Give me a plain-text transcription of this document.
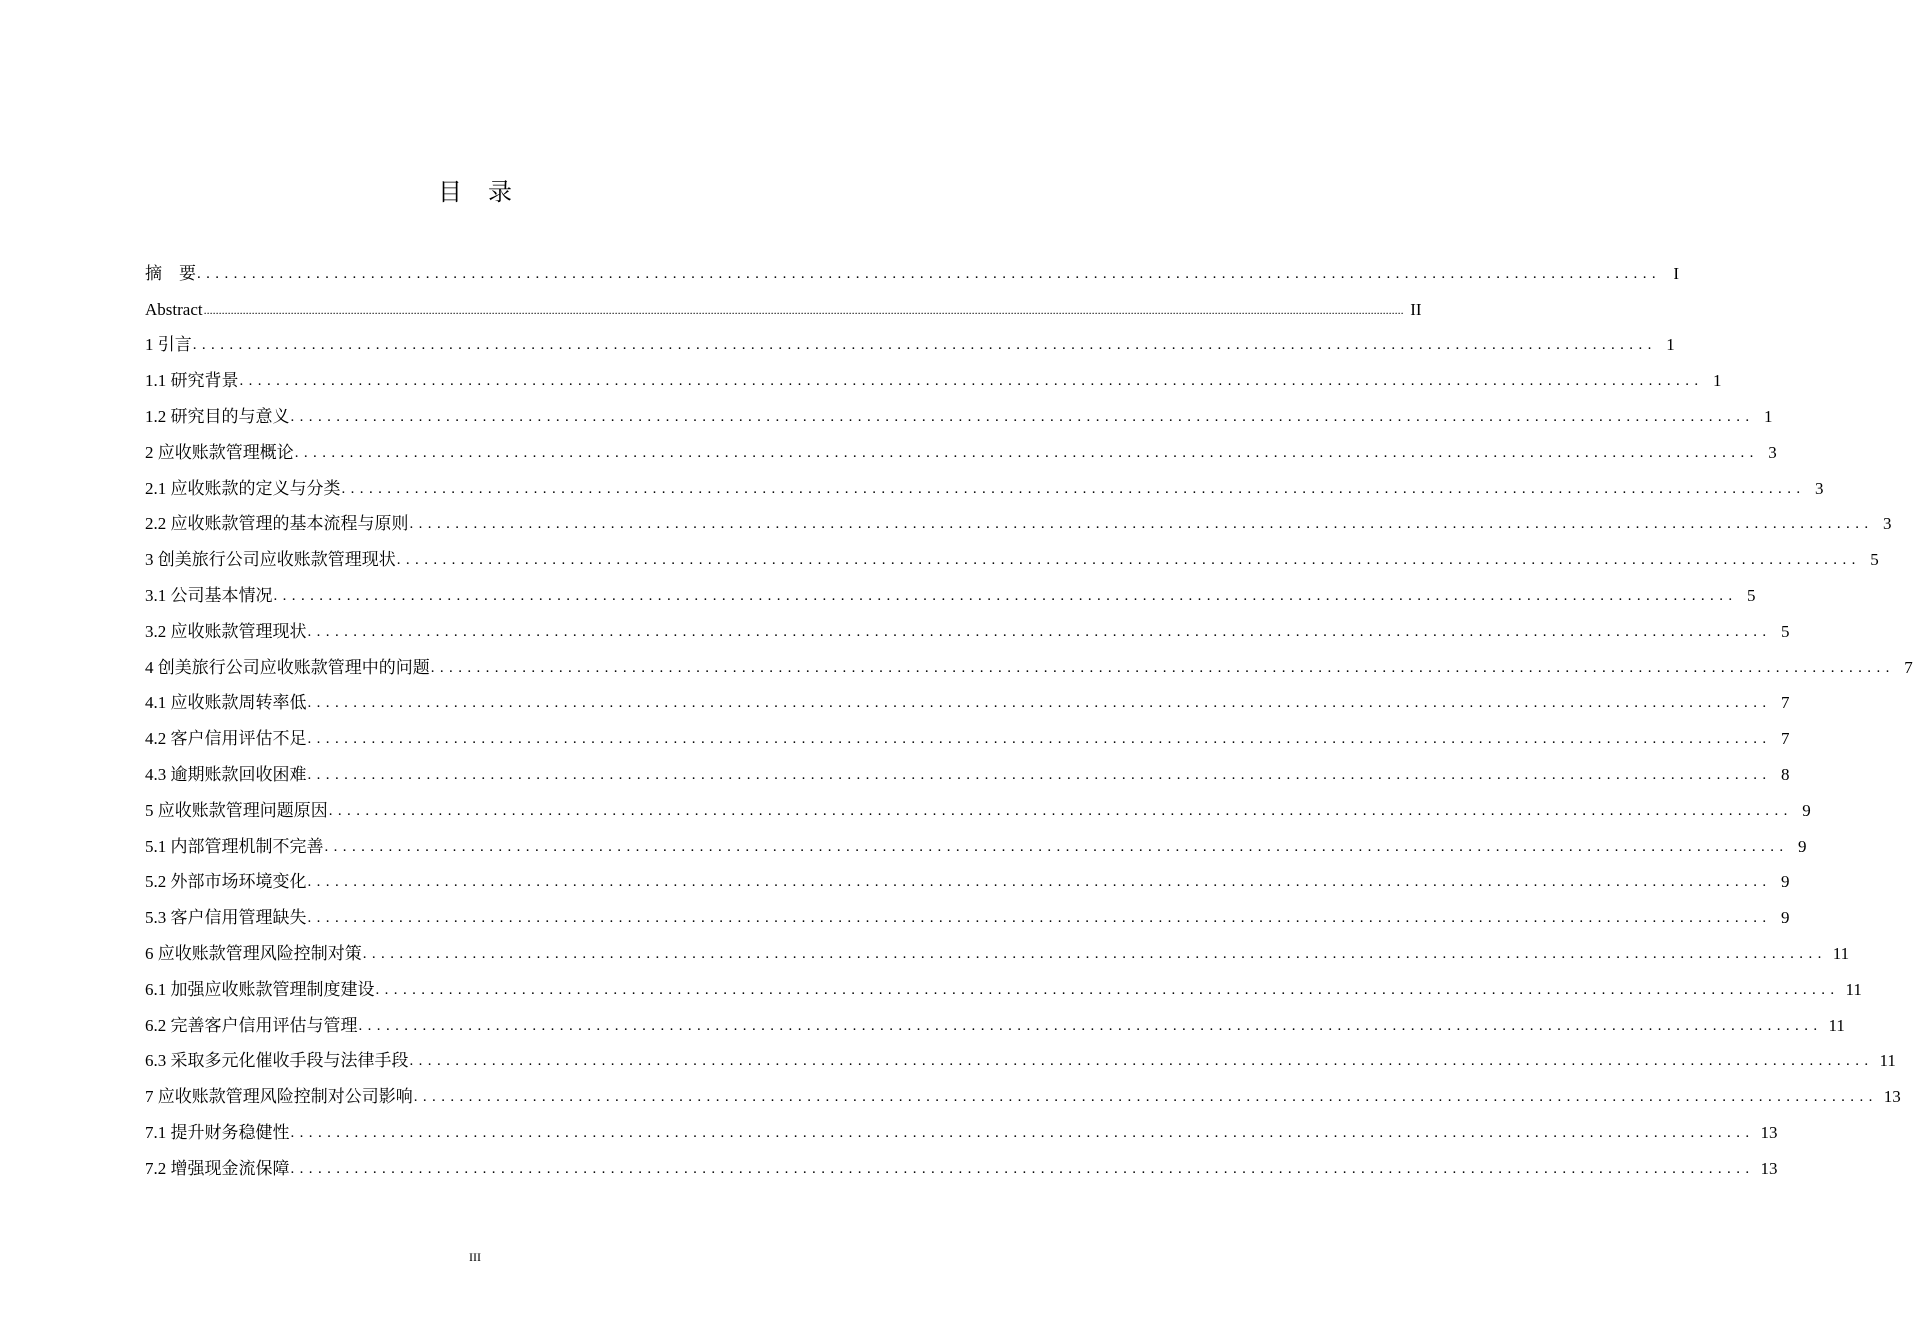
目 录
摘　要 ................................................................................................................................................................ I
Abstract ................................................................................................................................................................................................................................................................................................................................................................................................................ II
1 引言 ................................................................................................................................................................ 1
1.1 研究背景 ................................................................................................................................................................ 1
1.2 研究目的与意义 ................................................................................................................................................................ 1
2 应收账款管理概论 ................................................................................................................................................................ 3
2.1 应收账款的定义与分类 ................................................................................................................................................................ 3
2.2 应收账款管理的基本流程与原则 ................................................................................................................................................................ 3
3 创美旅行公司应收账款管理现状 ................................................................................................................................................................ 5
3.1 公司基本情况 ................................................................................................................................................................ 5
3.2 应收账款管理现状 ................................................................................................................................................................ 5
4 创美旅行公司应收账款管理中的问题 ................................................................................................................................................................ 7
4.1 应收账款周转率低 ................................................................................................................................................................ 7
4.2 客户信用评估不足 ................................................................................................................................................................ 7
4.3 逾期账款回收困难 ................................................................................................................................................................ 8
5 应收账款管理问题原因 ................................................................................................................................................................ 9
5.1 内部管理机制不完善 ................................................................................................................................................................ 9
5.2 外部市场环境变化 ................................................................................................................................................................ 9
5.3 客户信用管理缺失 ................................................................................................................................................................ 9
6 应收账款管理风险控制对策 ................................................................................................................................................................ 11
6.1 加强应收账款管理制度建设 ................................................................................................................................................................ 11
6.2 完善客户信用评估与管理 ................................................................................................................................................................ 11
6.3 采取多元化催收手段与法律手段 ................................................................................................................................................................ 11
7 应收账款管理风险控制对公司影响 ................................................................................................................................................................ 13
7.1 提升财务稳健性 ................................................................................................................................................................ 13
7.2 增强现金流保障 ................................................................................................................................................................ 13
III
